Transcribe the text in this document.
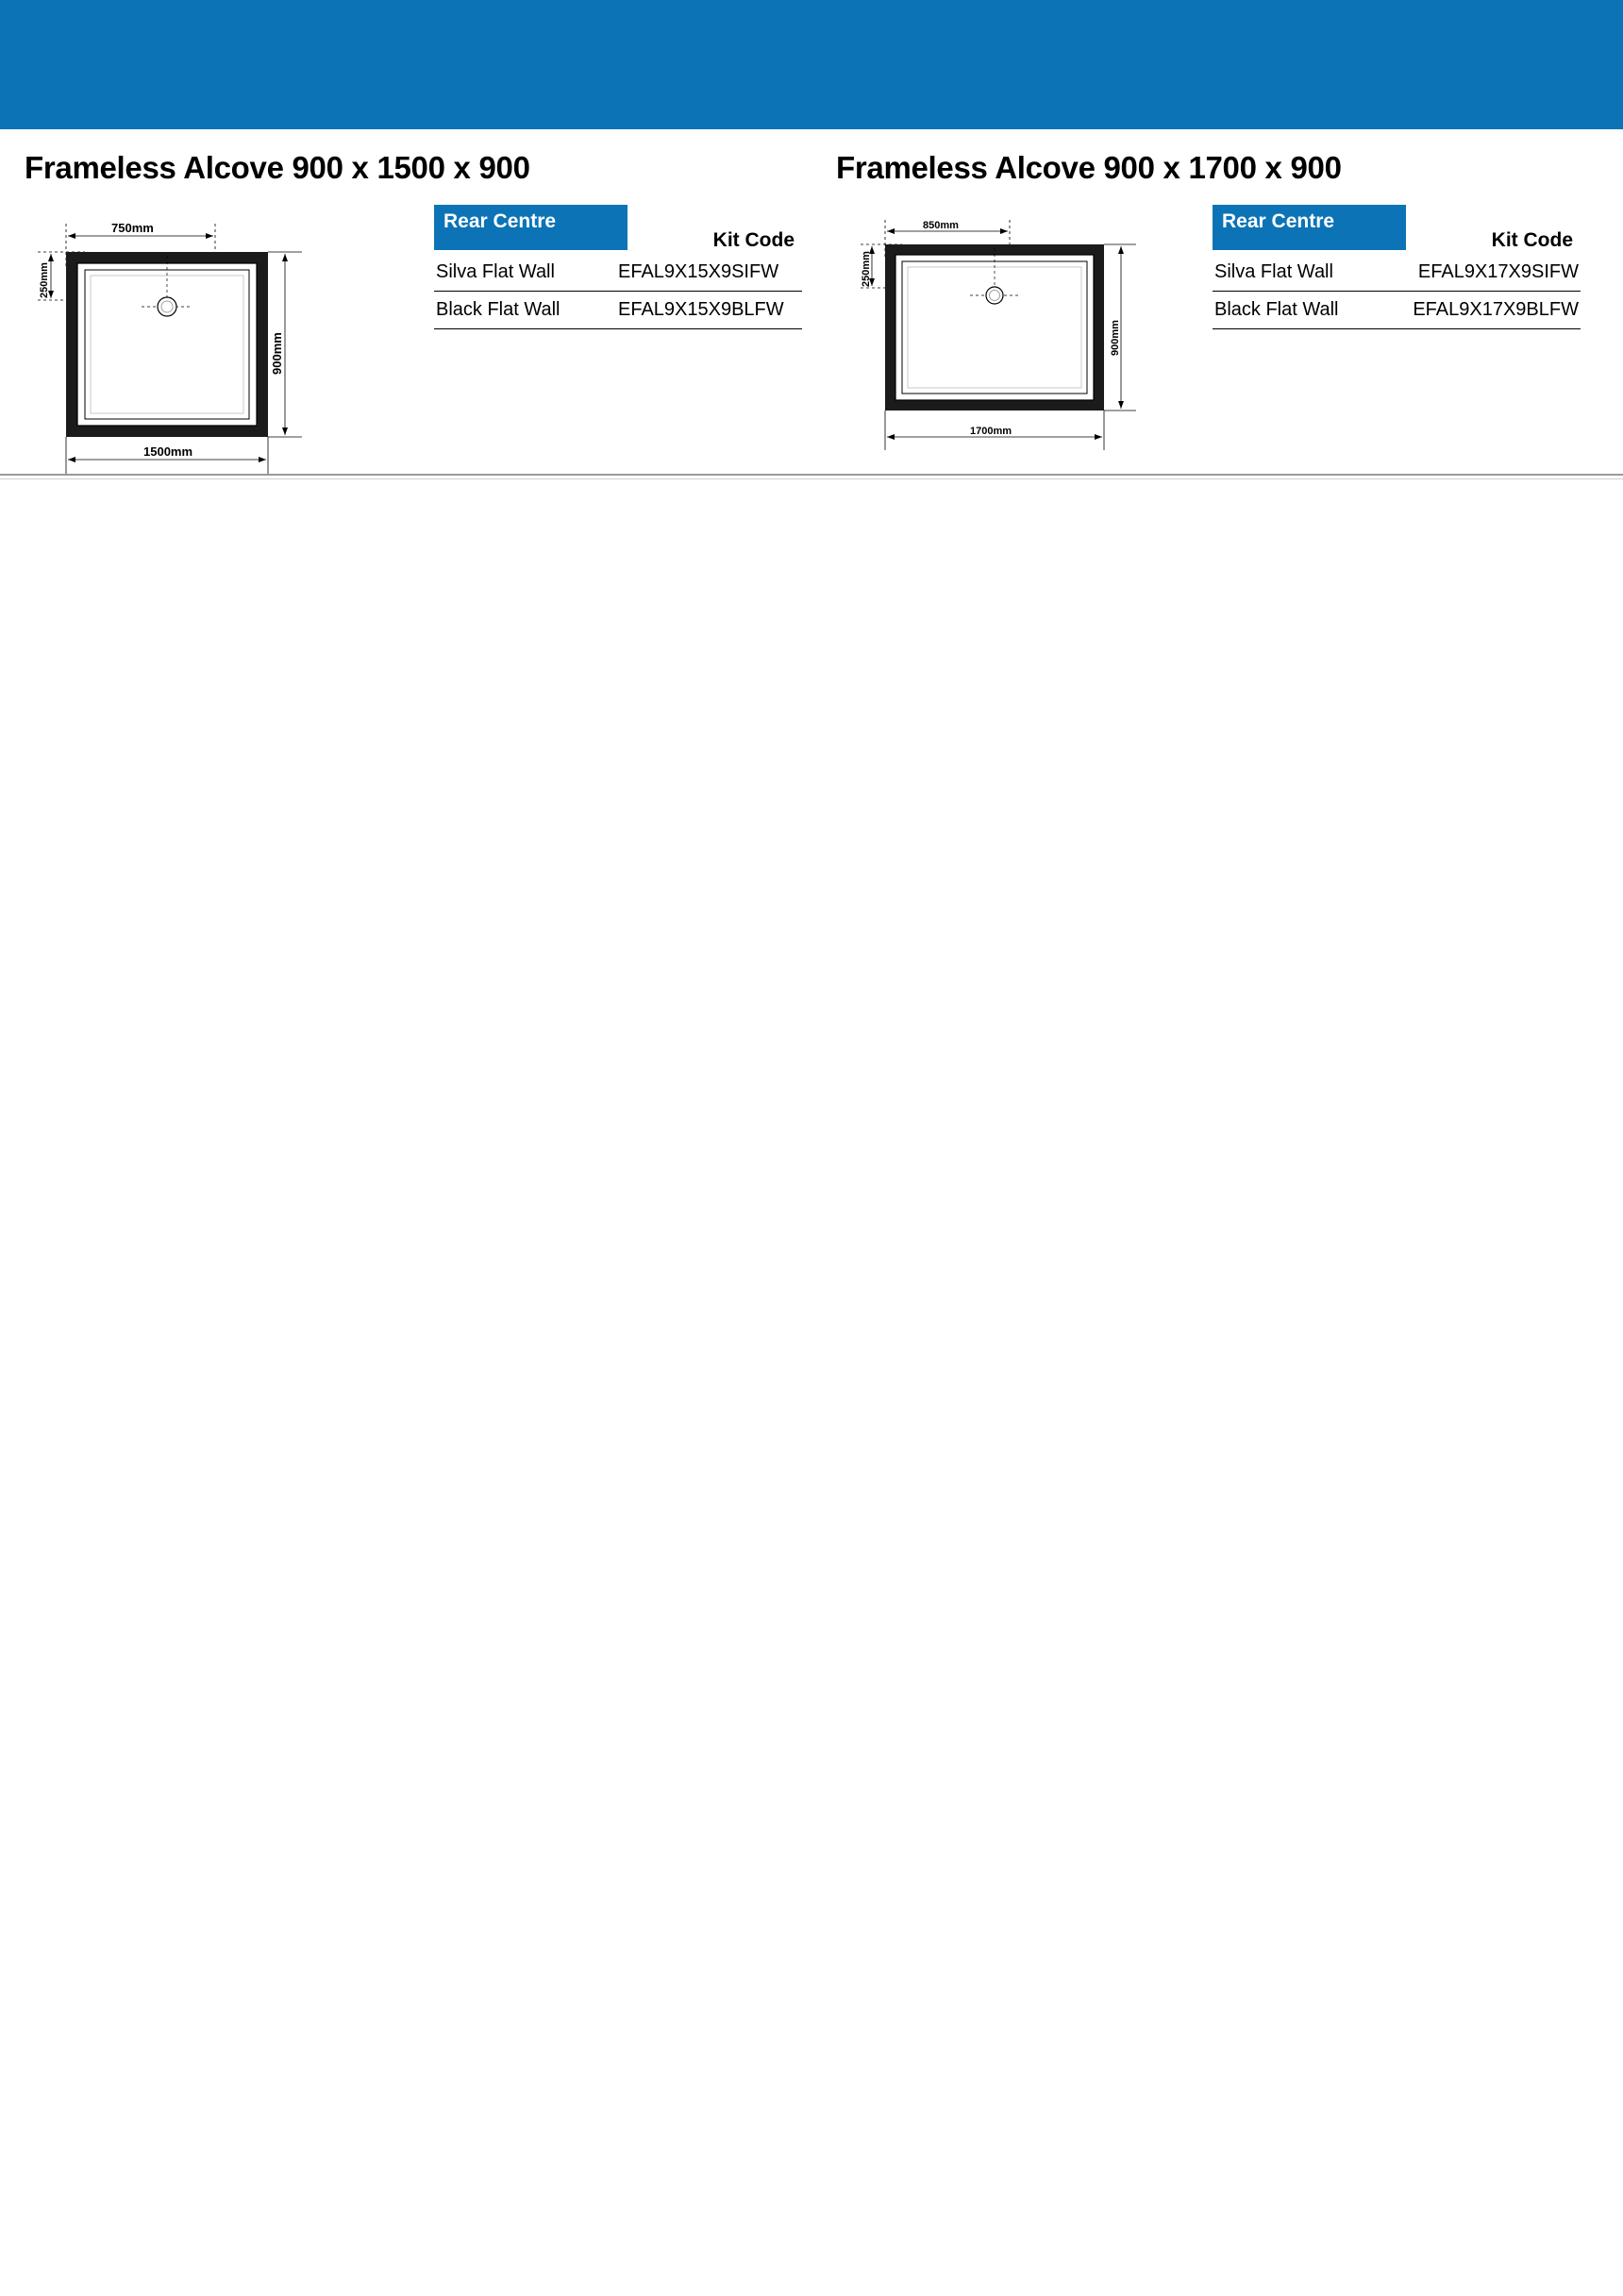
Frameless Alcove 900 x 1500 x 900
750mm
250mm
900mm
1500mm
Rear Centre
Kit Code
Silva Flat Wall	EFAL9X15X9SIFW
Black Flat Wall	EFAL9X15X9BLFW
Frameless Alcove 900 x 1700 x 900
850mm
250mm
900mm
1700mm
Rear Centre
Kit Code
Silva Flat Wall	EFAL9X17X9SIFW
Black Flat Wall	EFAL9X17X9BLFW
